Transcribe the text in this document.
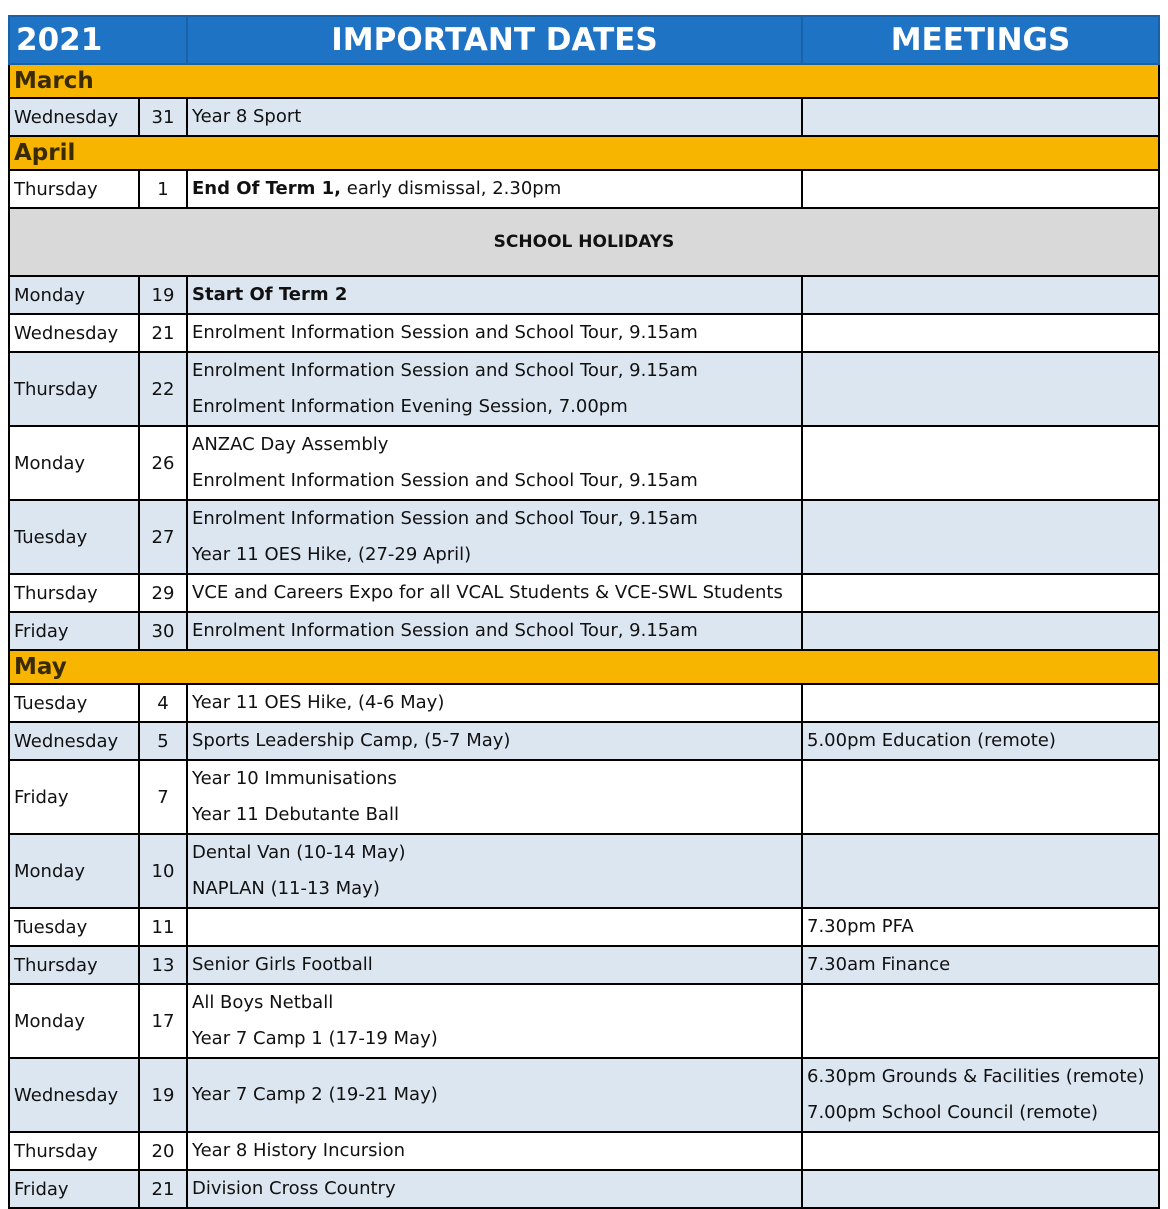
2021		IMPORTANT DATES	MEETINGS
March			
Wednesday	31	Year 8 Sport	

April			
Thursday	1	End Of Term 1, early dismissal, 2.30pm	

SCHOOL HOLIDAYS			
Monday	19	Start Of Term 2	

Wednesday	21	Enrolment Information Session and School Tour, 9.15am	

Thursday	22	Enrolment Information Session and School Tour, 9.15am
Enrolment Information Evening Session, 7.00pm	

Monday	26	ANZAC Day Assembly
Enrolment Information Session and School Tour, 9.15am	

Tuesday	27	Enrolment Information Session and School Tour, 9.15am
Year 11 OES Hike, (27-29 April)	

Thursday	29	VCE and Careers Expo for all VCAL Students & VCE-SWL Students	

Friday	30	Enrolment Information Session and School Tour, 9.15am	

May			
Tuesday	4	Year 11 OES Hike, (4-6 May)	

Wednesday	5	Sports Leadership Camp, (5-7 May)	5.00pm Education (remote)

Friday	7	Year 10 Immunisations
Year 11 Debutante Ball	

Monday	10	Dental Van (10-14 May)
NAPLAN (11-13 May)	

Tuesday	11		7.30pm PFA

Thursday	13	Senior Girls Football	7.30am Finance

Monday	17	All Boys Netball
Year 7 Camp 1 (17-19 May)	

Wednesday	19	Year 7 Camp 2 (19-21 May)	6.30pm Grounds & Facilities (remote)
7.00pm School Council (remote)

Thursday	20	Year 8 History Incursion	

Friday	21	Division Cross Country	
